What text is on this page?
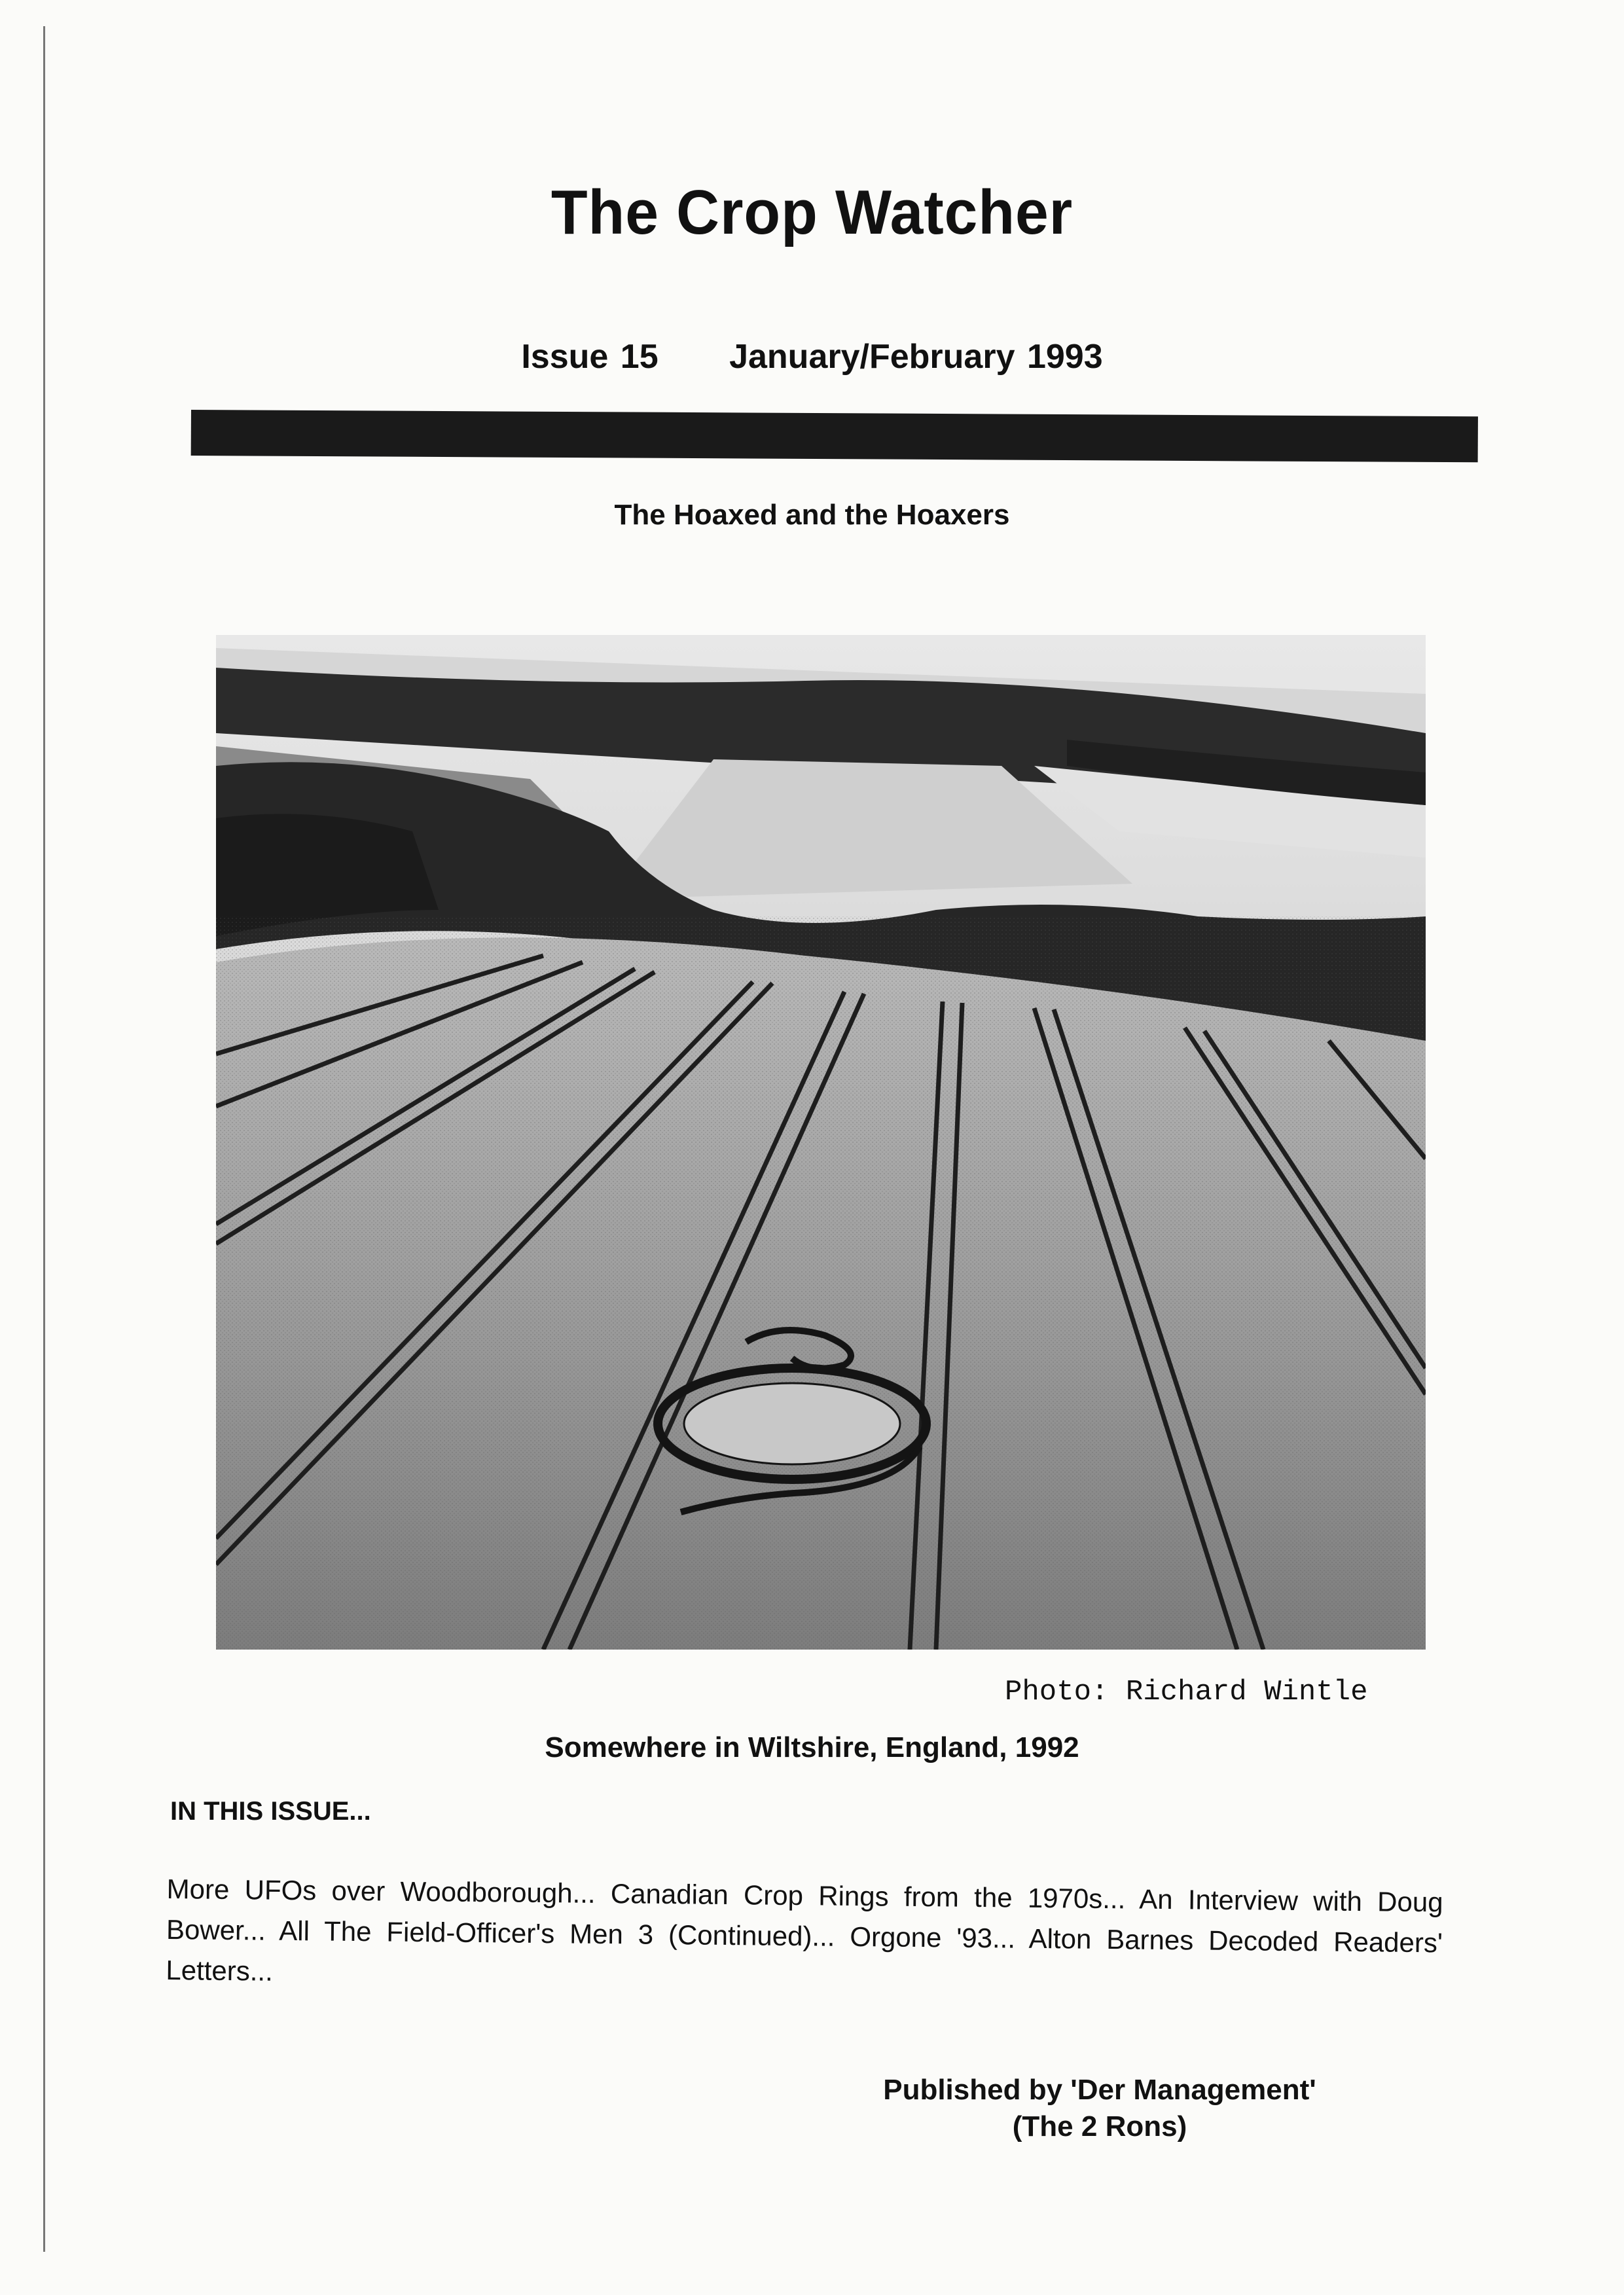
The Crop Watcher
Issue 15 January/February 1993
The Hoaxed and the Hoaxers
Photo: Richard Wintle
Somewhere in Wiltshire, England, 1992
IN THIS ISSUE...
More UFOs over Woodborough... Canadian Crop Rings from the 1970s... An Interview with Doug Bower... All The Field-Officer's Men 3 (Continued)... Orgone '93... Alton Barnes Decoded Readers' Letters...
Published by 'Der Management'
(The 2 Rons)
